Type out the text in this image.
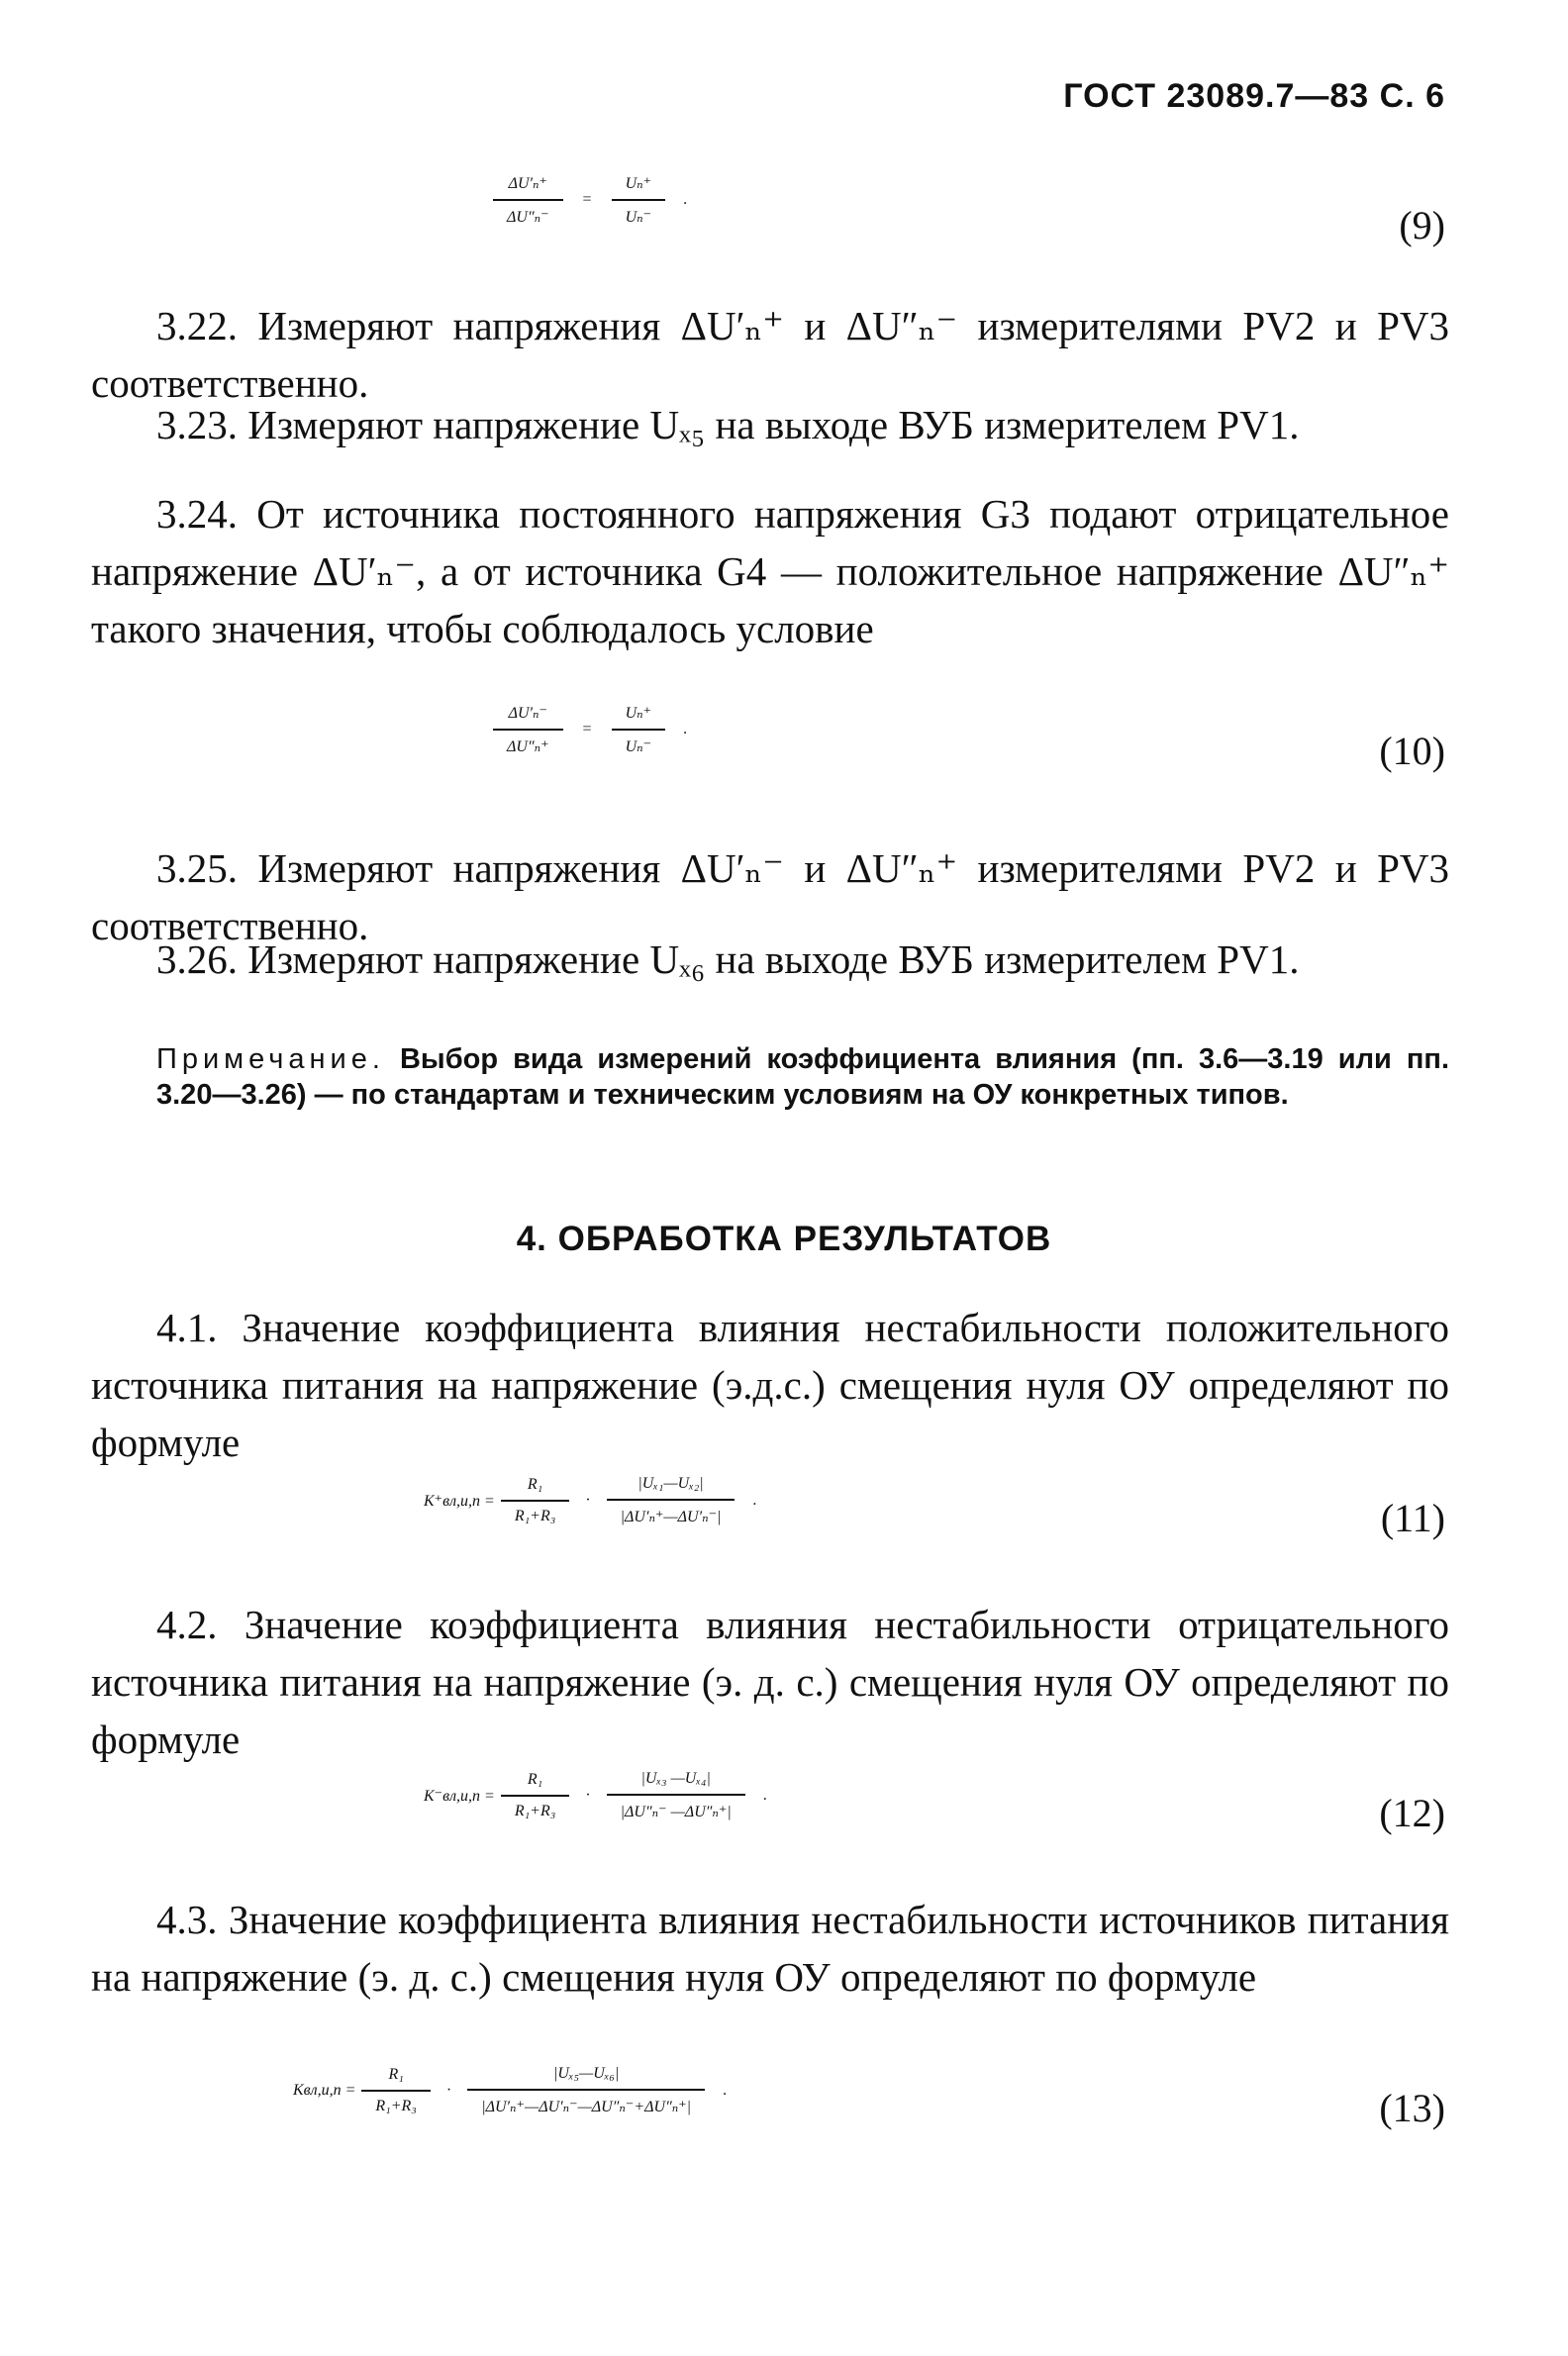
ГОСТ 23089.7—83 С. 6
$\frac{\text{ΔU′ₙ⁺}}{\text{ΔU″ₙ⁻}} = \frac{\text{Uₙ⁺}}{\text{Uₙ⁻}}$ .
(9)
3.22. Измеряют напряжения ΔU′ₙ⁺ и ΔU″ₙ⁻ измерителями PV2 и PV3 соответственно.
3.23. Измеряют напряжение Uₓ₅ на выходе ВУБ измерителем PV1.
3.24. От источника постоянного напряжения G3 подают отрицательное напряжение ΔU′ₙ⁻, а от источника G4 — положительное напряжение ΔU″ₙ⁺ такого значения, чтобы соблюдалось условие
$\frac{\text{ΔU′ₙ⁻}}{\text{ΔU″ₙ⁺}} = \frac{\text{Uₙ⁺}}{\text{Uₙ⁻}}$ .	(10)
3.25. Измеряют напряжения ΔU′ₙ⁻ и ΔU″ₙ⁺ измерителями PV2 и PV3 соответственно.
3.26. Измеряют напряжение Uₓ₆ на выходе ВУБ измерителем PV1.
Примечание. Выбор вида измерений коэффициента влияния (пп. 3.6—3.19 или пп. 3.20—3.26) — по стандартам и техническим условиям на ОУ конкретных типов.
4. ОБРАБОТКА РЕЗУЛЬТАТОВ
4.1. Значение коэффициента влияния нестабильности положительного источника питания на напряжение (э.д.с.) смещения нуля ОУ определяют по формуле
$K^+вл,и,п = \frac{\text{R₁}}{\text{R₁+R₃}} \cdot \frac{\text{|Uₓ₁—Uₓ₂|}}{\text{|ΔU′ₙ⁺—ΔU′ₙ⁻|}}$ .	(11)
4.2. Значение коэффициента влияния нестабильности отрицательного источника питания на напряжение (э. д. с.) смещения нуля ОУ определяют по формуле
$K^-вл,и,п = \frac{\text{R₁}}{\text{R₁+R₃}} \cdot \frac{\text{|Uₓ₃ —Uₓ₄|}}{\text{|ΔU″ₙ⁻ —ΔU″ₙ⁺|}}$ .	(12)
4.3. Значение коэффициента влияния нестабильности источников питания на напряжение (э. д. с.) смещения нуля ОУ определяют по формуле
$Kвл,и,п = \frac{\text{R₁}}{\text{R₁+R₃}} \cdot \frac{\text{|Uₓ₅—Uₓ₆|}}{\text{|ΔU′ₙ⁺—ΔU′ₙ⁻—ΔU″ₙ⁻+ΔU″ₙ⁺|}}$ .	(13)
